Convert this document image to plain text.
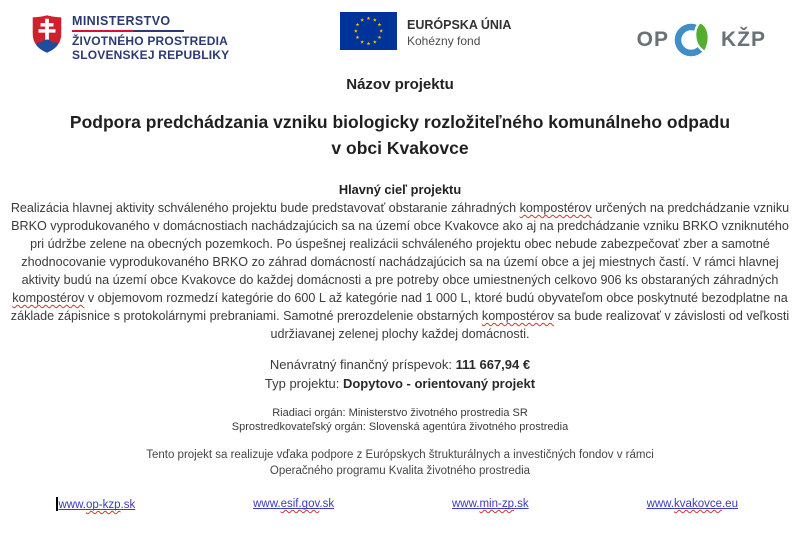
MINISTERSTVO
ŽIVOTNÉHO PROSTREDIA
SLOVENSKEJ REPUBLIKY
EURÓPSKA ÚNIA
Kohézny fond	OP KŽP
Názov projektu
Podpora predchádzania vzniku biologicky rozložiteľného komunálneho odpadu
v obci Kvakovce
Hlavný cieľ projektu
Realizácia hlavnej aktivity schváleného projektu bude predstavovať obstaranie záhradných kompostérov určených na predchádzanie vzniku BRKO vyprodukovaného v domácnostiach nachádzajúcich sa na území obce Kvakovce ako aj na predchádzanie vzniku BRKO vzniknutého pri údržbe zelene na obecných pozemkoch. Po úspešnej realizácii schváleného projektu obec nebude zabezpečovať zber a samotné zhodnocovanie vyprodukovaného BRKO zo záhrad domácností nachádzajúcich sa na území obce a jej miestnych častí. V rámci hlavnej aktivity budú na území obce Kvakovce do každej domácnosti a pre potreby obce umiestnených celkovo 906 ks obstaraných záhradných kompostérov v objemovom rozmedzí kategórie do 600 L až kategórie nad 1 000 L, ktoré budú obyvateľom obce poskytnuté bezodplatne na základe zápisnice s protokolárnymi prebraniami. Samotné prerozdelenie obstarných kompostérov sa bude realizovať v závislosti od veľkosti udržiavanej zelenej plochy každej domácnosti.
Nenávratný finančný príspevok: 111 667,94 €
Typ projektu: Dopytovo - orientovaný projekt
Riadiaci orgán: Ministerstvo životného prostredia SR
Sprostredkovateľský orgán: Slovenská agentúra životného prostredia
Tento projekt sa realizuje vďaka podpore z Európskych štrukturálnych a investičných fondov v rámci
Operačného programu Kvalita životného prostredia
www.op-kzp.sk	www.esif.gov.sk	www.min-zp.sk	www.kvakovce.eu
